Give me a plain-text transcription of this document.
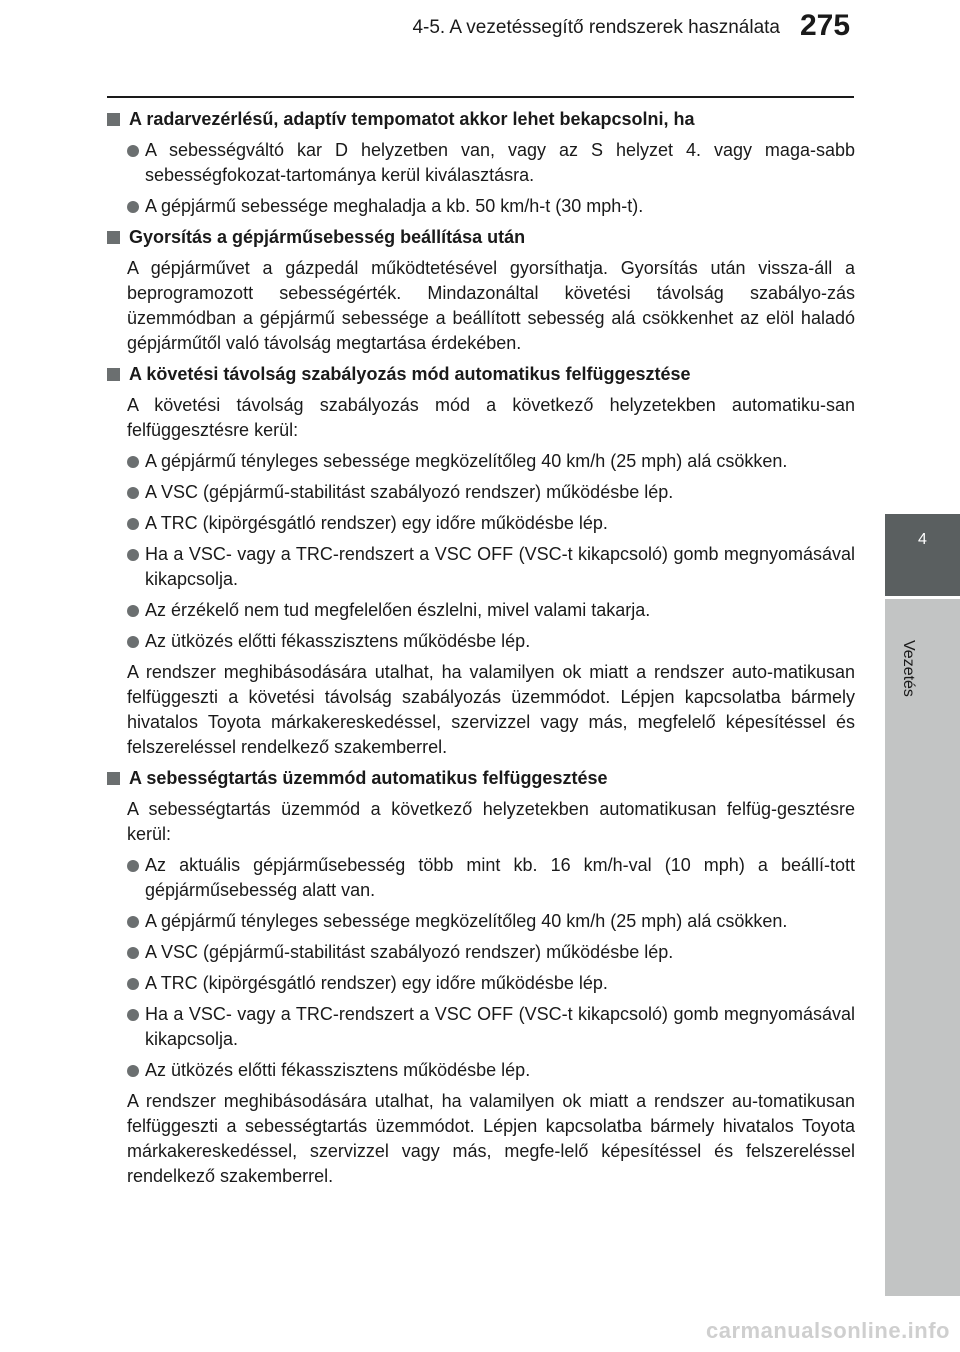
4-5. A vezetéssegítő rendszerek használata 275
4
Vezetés
A radarvezérlésű, adaptív tempomatot akkor lehet bekapcsolni, ha
A sebességváltó kar D helyzetben van, vagy az S helyzet 4. vagy maga-sabb sebességfokozat-tartománya kerül kiválasztásra.
A gépjármű sebessége meghaladja a kb. 50 km/h-t (30 mph-t).
Gyorsítás a gépjárműsebesség beállítása után
A gépjárművet a gázpedál működtetésével gyorsíthatja. Gyorsítás után vissza-áll a beprogramozott sebességérték. Mindazonáltal követési távolság szabályo-zás üzemmódban a gépjármű sebessége a beállított sebesség alá csökkenhet az elöl haladó gépjárműtől való távolság megtartása érdekében.
A követési távolság szabályozás mód automatikus felfüggesztése
A követési távolság szabályozás mód a következő helyzetekben automatiku-san felfüggesztésre kerül:
A gépjármű tényleges sebessége megközelítőleg 40 km/h (25 mph) alá csökken.
A VSC (gépjármű-stabilitást szabályozó rendszer) működésbe lép.
A TRC (kipörgésgátló rendszer) egy időre működésbe lép.
Ha a VSC- vagy a TRC-rendszert a VSC OFF (VSC-t kikapcsoló) gomb megnyomásával kikapcsolja.
Az érzékelő nem tud megfelelően észlelni, mivel valami takarja.
Az ütközés előtti fékasszisztens működésbe lép.
A rendszer meghibásodására utalhat, ha valamilyen ok miatt a rendszer auto-matikusan felfüggeszti a követési távolság szabályozás üzemmódot. Lépjen kapcsolatba bármely hivatalos Toyota márkakereskedéssel, szervizzel vagy más, megfelelő képesítéssel és felszereléssel rendelkező szakemberrel.
A sebességtartás üzemmód automatikus felfüggesztése
A sebességtartás üzemmód a következő helyzetekben automatikusan felfüg-gesztésre kerül:
Az aktuális gépjárműsebesség több mint kb. 16 km/h-val (10 mph) a beállí-tott gépjárműsebesség alatt van.
A gépjármű tényleges sebessége megközelítőleg 40 km/h (25 mph) alá csökken.
A VSC (gépjármű-stabilitást szabályozó rendszer) működésbe lép.
A TRC (kipörgésgátló rendszer) egy időre működésbe lép.
Ha a VSC- vagy a TRC-rendszert a VSC OFF (VSC-t kikapcsoló) gomb megnyomásával kikapcsolja.
Az ütközés előtti fékasszisztens működésbe lép.
A rendszer meghibásodására utalhat, ha valamilyen ok miatt a rendszer au-tomatikusan felfüggeszti a sebességtartás üzemmódot. Lépjen kapcsolatba bármely hivatalos Toyota márkakereskedéssel, szervizzel vagy más, megfe-lelő képesítéssel és felszereléssel rendelkező szakemberrel.
carmanualsonline.info
